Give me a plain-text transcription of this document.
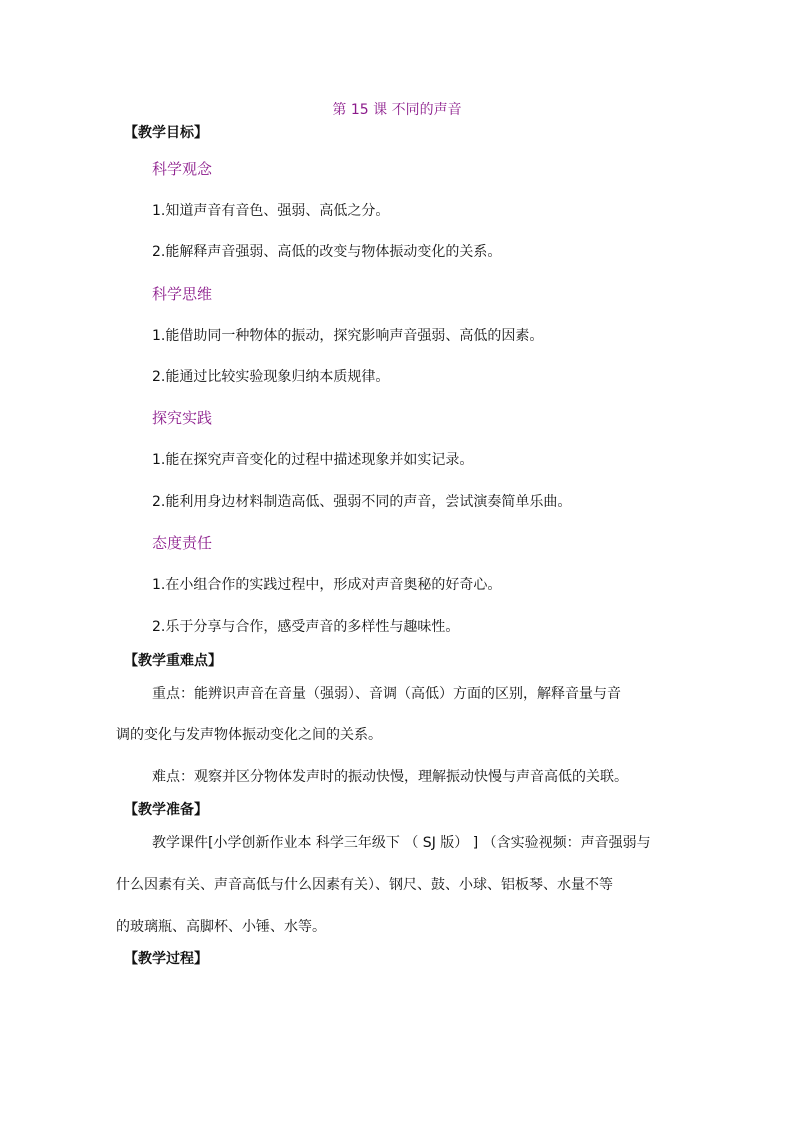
第 15 课 不同的声音
【教学目标】
科学观念
1.知道声音有音色、强弱、高低之分。
2.能解释声音强弱、高低的改变与物体振动变化的关系。
科学思维
1.能借助同一种物体的振动，探究影响声音强弱、高低的因素。
2.能通过比较实验现象归纳本质规律。
探究实践
1.能在探究声音变化的过程中描述现象并如实记录。
2.能利用身边材料制造高低、强弱不同的声音，尝试演奏简单乐曲。
态度责任
1.在小组合作的实践过程中，形成对声音奥秘的好奇心。
2.乐于分享与合作，感受声音的多样性与趣味性。
【教学重难点】
重点：能辨识声音在音量（强弱）、音调（高低）方面的区别，解释音量与音
调的变化与发声物体振动变化之间的关系。
难点：观察并区分物体发声时的振动快慢，理解振动快慢与声音高低的关联。
【教学准备】
教学课件[小学创新作业本 科学三年级下 （ SJ 版） ] （含实验视频：声音强弱与
什么因素有关、声音高低与什么因素有关）、钢尺、鼓、小球、铝板琴、水量不等
的玻璃瓶、高脚杯、小锤、水等。
【教学过程】
